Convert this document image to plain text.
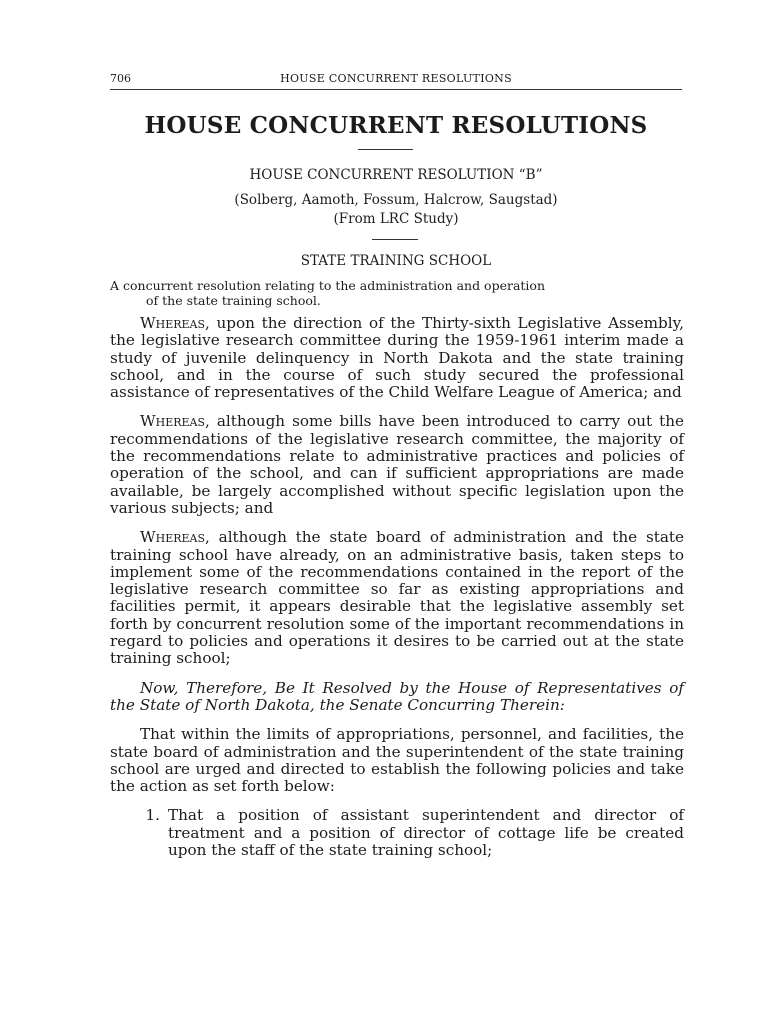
706	HOUSE CONCURRENT RESOLUTIONS
HOUSE CONCURRENT RESOLUTIONS
HOUSE CONCURRENT RESOLUTION “B”
(Solberg, Aamoth, Fossum, Halcrow, Saugstad)
(From LRC Study)
STATE TRAINING SCHOOL
A concurrent resolution relating to the administration and operation
of the state training school.

Whereas, upon the direction of the Thirty-sixth Legislative Assembly, the legislative research committee during the 1959-1961 interim made a study of juvenile delinquency in North Dakota and the state training school, and in the course of such study secured the professional assistance of representatives of the Child Welfare League of America; and

Whereas, although some bills have been introduced to carry out the recommendations of the legislative research committee, the majority of the recommendations relate to administrative practices and policies of operation of the school, and can if sufficient appropriations are made available, be largely accomplished without specific legislation upon the various subjects; and

Whereas, although the state board of administration and the state training school have already, on an administrative basis, taken steps to implement some of the recommendations contained in the report of the legislative research committee so far as existing appropriations and facilities permit, it appears desirable that the legislative assembly set forth by concurrent resolution some of the important recommendations in regard to policies and operations it desires to be carried out at the state training school;

Now, Therefore, Be It Resolved by the House of Representatives of the State of North Dakota, the Senate Concurring Therein:

That within the limits of appropriations, personnel, and facilities, the state board of administration and the superintendent of the state training school are urged and directed to establish the following policies and take the action as set forth below:

1. That a position of assistant superintendent and director of treatment and a position of director of cottage life be created upon the staff of the state training school;
